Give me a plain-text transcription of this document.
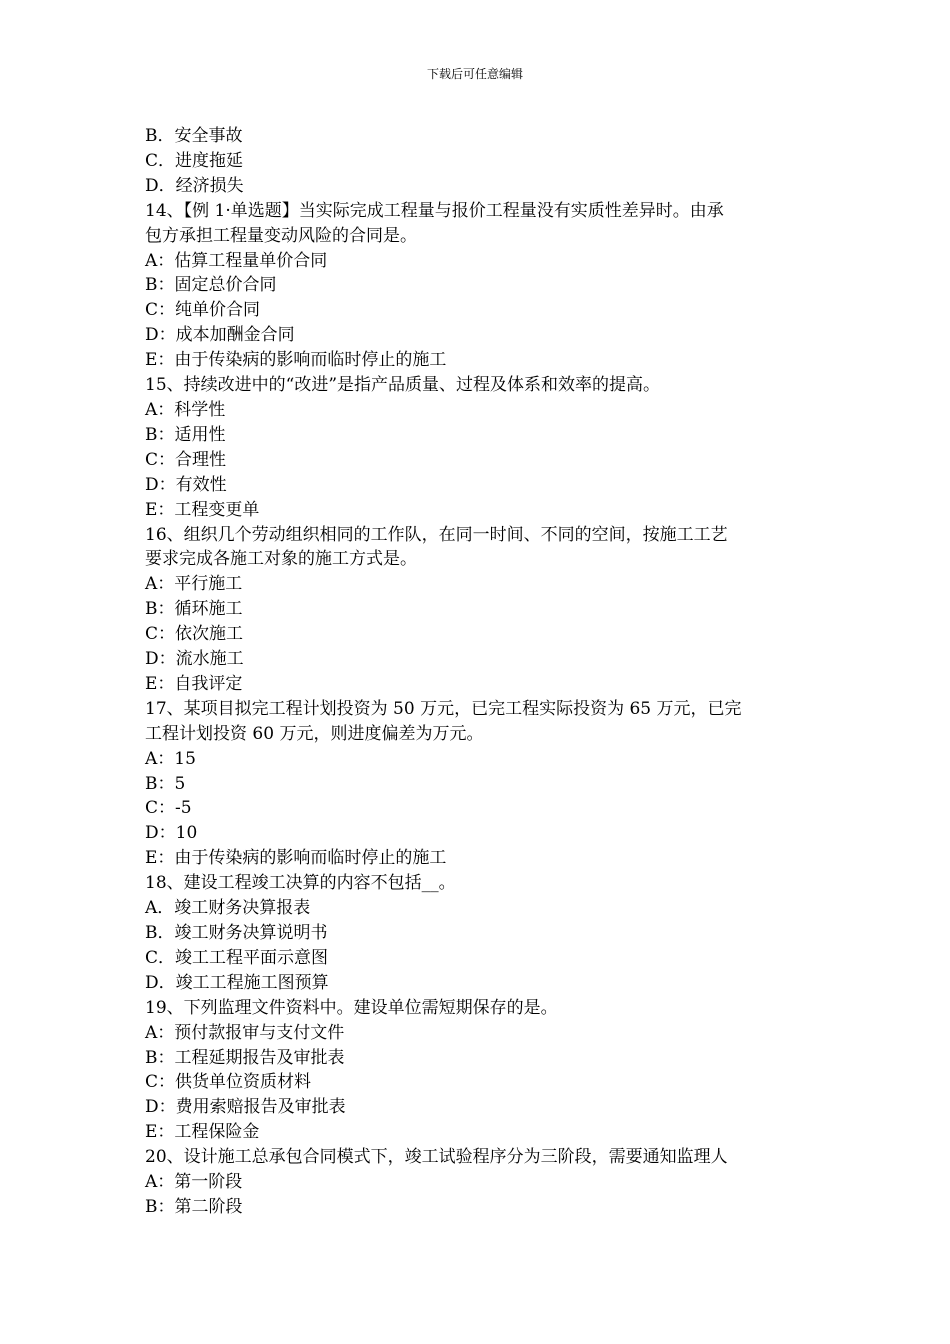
下载后可任意编辑

B．安全事故

C．进度拖延

D．经济损失

14、【例 1·单选题】当实际完成工程量与报价工程量没有实质性差异时。由承

包方承担工程量变动风险的合同是。

A：估算工程量单价合同

B：固定总价合同

C：纯单价合同

D：成本加酬金合同

E：由于传染病的影响而临时停止的施工

15、持续改进中的“改进”是指产品质量、过程及体系和效率的提高。

A：科学性

B：适用性

C：合理性

D：有效性

E：工程变更单

16、组织几个劳动组织相同的工作队，在同一时间、不同的空间，按施工工艺

要求完成各施工对象的施工方式是。

A：平行施工

B：循环施工

C：依次施工

D：流水施工

E：自我评定

17、某项目拟完工程计划投资为 50 万元，已完工程实际投资为 65 万元，已完

工程计划投资 60 万元，则进度偏差为万元。

A：15

B：5

C：-5

D：10

E：由于传染病的影响而临时停止的施工

18、建设工程竣工决算的内容不包括__。

A．竣工财务决算报表

B．竣工财务决算说明书

C．竣工工程平面示意图

D．竣工工程施工图预算

19、下列监理文件资料中。建设单位需短期保存的是。

A：预付款报审与支付文件

B：工程延期报告及审批表

C：供货单位资质材料

D：费用索赔报告及审批表

E：工程保险金

20、设计施工总承包合同模式下，竣工试验程序分为三阶段，需要通知监理人

A：第一阶段

B：第二阶段
